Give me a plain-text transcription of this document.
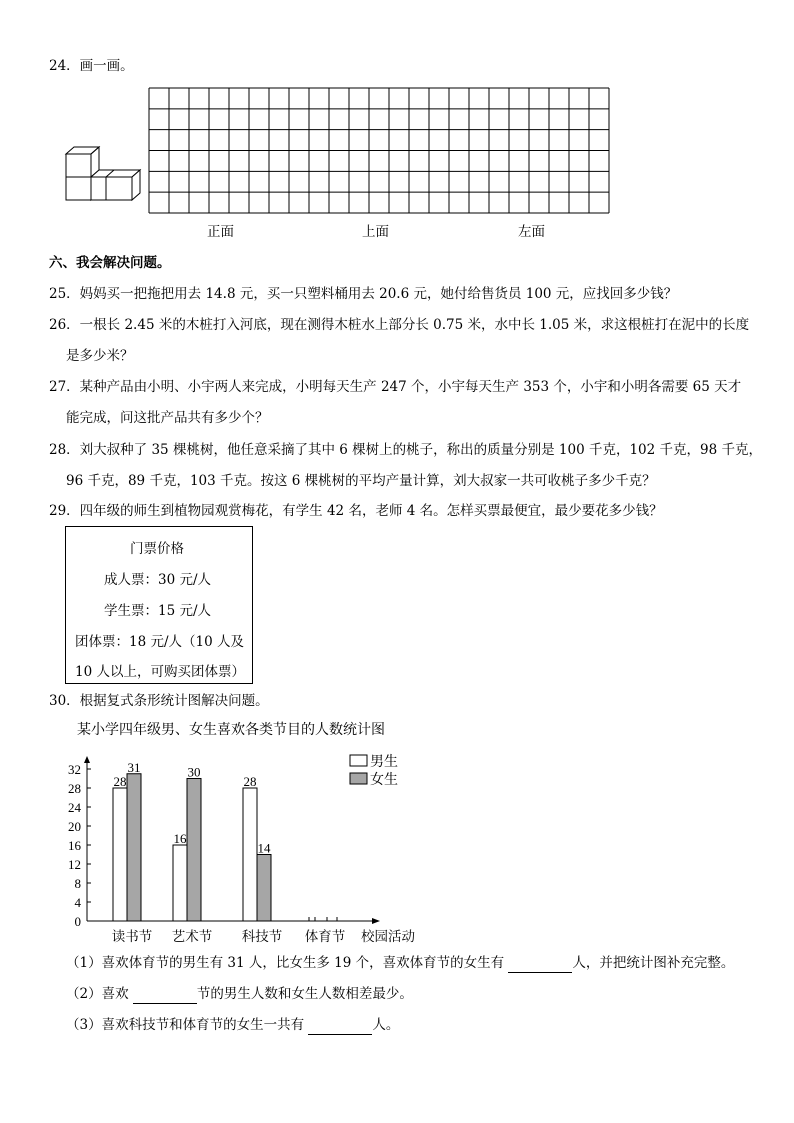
24．画一画。
正面	上面	左面
六、我会解决问题。
25．妈妈买一把拖把用去 14.8 元，买一只塑料桶用去 20.6 元，她付给售货员 100 元，应找回多少钱？
26．一根长 2.45 米的木桩打入河底，现在测得木桩水上部分长 0.75 米，水中长 1.05 米，求这根桩打在泥中的长度
是多少米？
27．某种产品由小明、小宇两人来完成，小明每天生产 247 个，小宇每天生产 353 个，小宇和小明各需要 65 天才
能完成，问这批产品共有多少个？
28．刘大叔种了 35 棵桃树，他任意采摘了其中 6 棵树上的桃子，称出的质量分别是 100 千克，102 千克，98 千克，
96 千克，89 千克，103 千克。按这 6 棵桃树的平均产量计算，刘大叔家一共可收桃子多少千克？
29．四年级的师生到植物园观赏梅花，有学生 42 名，老师 4 名。怎样买票最便宜，最少要花多少钱？
门票价格
成人票：30 元/人
学生票：15 元/人
团体票：18 元/人（10 人及
10 人以上，可购买团体票）
30．根据复式条形统计图解决问题。
某小学四年级男、女生喜欢各类节目的人数统计图
0
4
8
12
16
20
24
28
32
读书节
28
31
艺术节
16
30
科技节
28
14
体育节 校园活动
男生
女生
（1）喜欢体育节的男生有 31 人，比女生多 19 个，喜欢体育节的女生有	人，并把统计图补充完整。
（2）喜欢	节的男生人数和女生人数相差最少。
（3）喜欢科技节和体育节的女生一共有	人。
